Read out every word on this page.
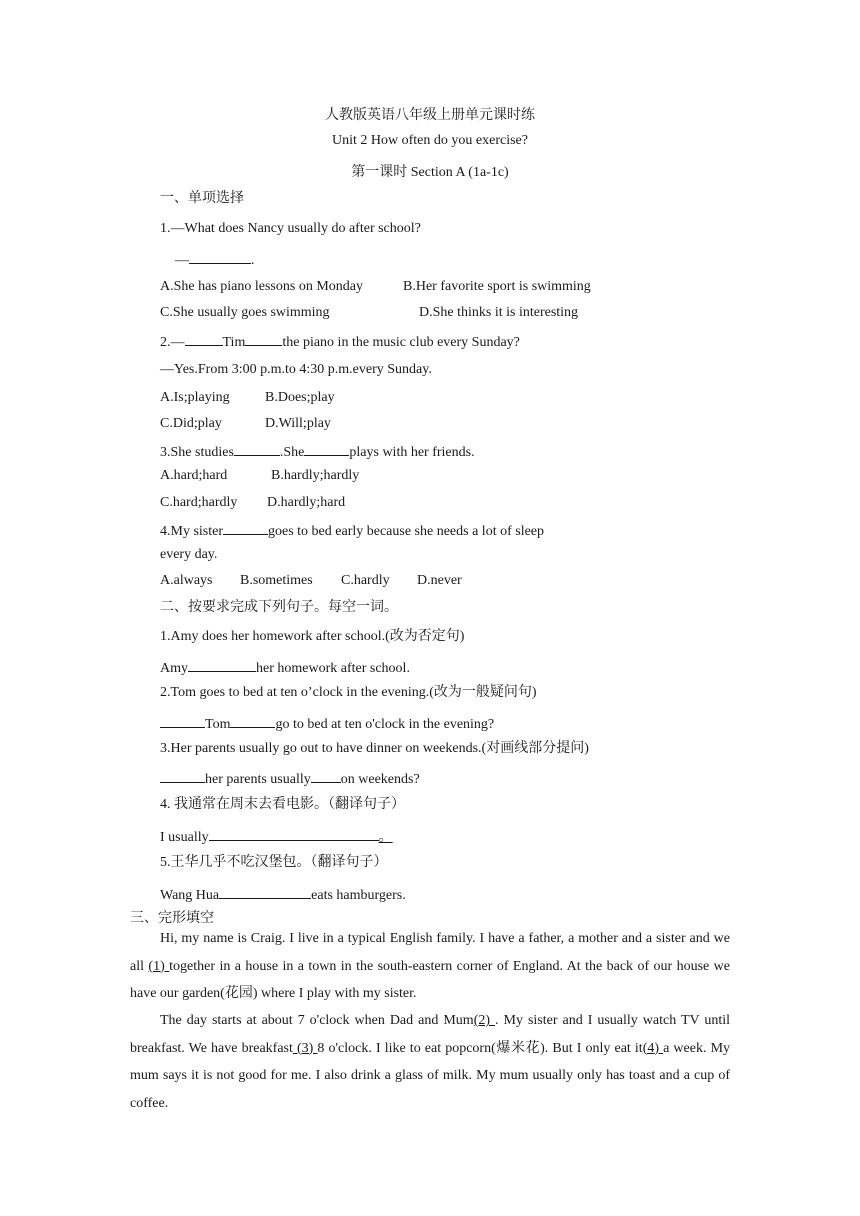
人教版英语八年级上册单元课时练
Unit 2 How often do you exercise?
第一课时 Section A (1a-1c)
一、单项选择
1.—What does Nancy usually do after school?
—	.
A.She has piano lessons on Monday	B.Her favorite sport is swimming
C.She usually goes swimming	D.She thinks it is interesting
2.—	Tim	the piano in the music club every Sunday?
—Yes.From 3:00 p.m.to 4:30 p.m.every Sunday.
A.Is;playing	B.Does;play
C.Did;play	D.Will;play
3.She studies	.She	plays with her friends.
A.hard;hard	B.hardly;hardly
C.hard;hardly D.hardly;hard
4.My sister	goes to bed early because she needs a lot of sleep
every day.
A.always B.sometimes C.hardly D.never
二、按要求完成下列句子。每空一词。
1.Amy does her homework after school.(改为否定句)
Amy	her homework after school.
2.Tom goes to bed at ten o’clock in the evening.(改为一般疑问句)
Tom	go to bed at ten o'clock in the evening?
3.Her parents usually go out to have dinner on weekends.(对画线部分提问)
her parents usually on weekends?
4. 我通常在周末去看电影。（翻译句子）
I usually	。
5.王华几乎不吃汉堡包。（翻译句子）
Wang Hua	eats hamburgers.
三、完形填空
Hi, my name is Craig. I live in a typical English family. I have a father, a mother and a sister and we all (1) together in a house in a town in the south-eastern corner of England. At the back of our house we have our garden(花园) where I play with my sister.
The day starts at about 7 o'clock when Dad and Mum(2) . My sister and I usually watch TV until breakfast. We have breakfast (3) 8 o'clock. I like to eat popcorn(爆米花). But I only eat it(4) a week. My mum says it is not good for me. I also drink a glass of milk. My mum usually only has toast and a cup of coffee.
